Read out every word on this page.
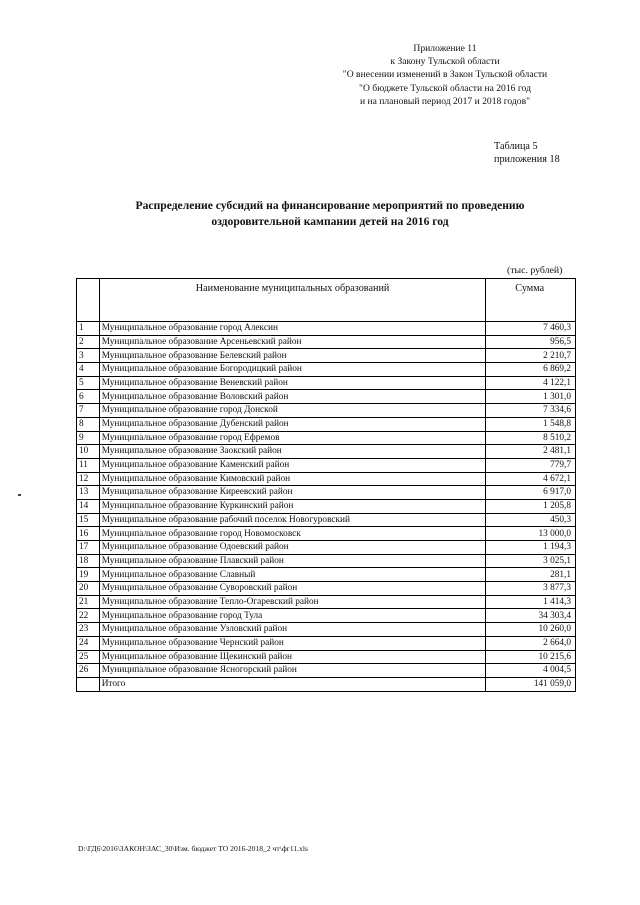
Приложение 11
к Закону Тульской области
"О внесении изменений в Закон Тульской области
"О бюджете Тульской области на 2016 год
и на плановый период 2017 и 2018 годов"
Таблица 5
приложения 18
Распределение субсидий на финансирование мероприятий по проведению
оздоровительной кампании детей на 2016 год
(тыс. рублей)
	Наименование муниципальных образований	Сумма
1	Муниципальное образование город Алексин	7 460,3
2	Муниципальное образование Арсеньевский район	956,5
3	Муниципальное образование Белевский район	2 210,7
4	Муниципальное образование Богородицкий район	6 869,2
5	Муниципальное образование Веневский район	4 122,1
6	Муниципальное образование Воловский район	1 301,0
7	Муниципальное образование город Донской	7 334,6
8	Муниципальное образование Дубенский район	1 548,8
9	Муниципальное образование город Ефремов	8 510,2
10	Муниципальное образование Заокский район	2 481,1
11	Муниципальное образование Каменский район	779,7
12	Муниципальное образование Кимовский район	4 672,1
13	Муниципальное образование Киреевский район	6 917,0
14	Муниципальное образование Куркинский район	1 205,8
15	Муниципальное образование рабочий поселок Новогуровский	450,3
16	Муниципальное образование город Новомосковск	13 000,0
17	Муниципальное образование Одоевский район	1 194,3
18	Муниципальное образование Плавский район	3 025,1
19	Муниципальное образование Славный	281,1
20	Муниципальное образование Суворовский район	3 877,3
21	Муниципальное образование Тепло-Огаревский район	1 414,3
22	Муниципальное образование город Тула	34 303,4
23	Муниципальное образование Узловский район	10 260,0
24	Муниципальное образование Чернский район	2 664,0
25	Муниципальное образование Щекинский район	10 215,6
26	Муниципальное образование Ясногорский район	4 004,5
	Итого	141 059,0
D:\ГД6\2016\ЗАКОН\ЗАС_30\Изм. бюджет ТО 2016-2018_2 чт\фг11.xls
